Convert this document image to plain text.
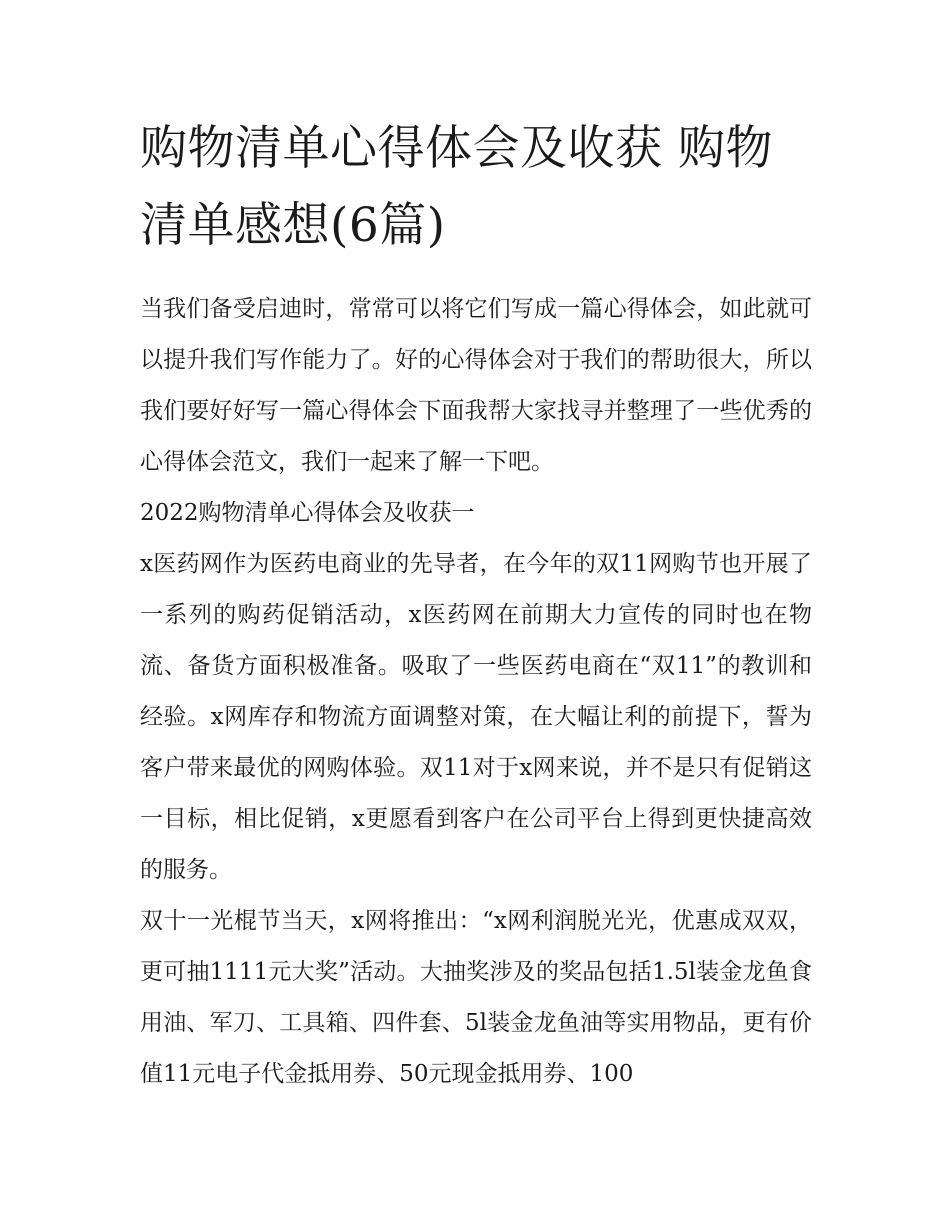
购物清单心得体会及收获 购物清单感想(6篇)

当我们备受启迪时，常常可以将它们写成一篇心得体会，如此就可以提升我们写作能力了。好的心得体会对于我们的帮助很大，所以我们要好好写一篇心得体会下面我帮大家找寻并整理了一些优秀的心得体会范文，我们一起来了解一下吧。

2022购物清单心得体会及收获一

x医药网作为医药电商业的先导者，在今年的双11网购节也开展了一系列的购药促销活动，x医药网在前期大力宣传的同时也在物流、备货方面积极准备。吸取了一些医药电商在“双11”的教训和经验。x网库存和物流方面调整对策，在大幅让利的前提下，誓为客户带来最优的网购体验。双11对于x网来说，并不是只有促销这一目标，相比促销，x更愿看到客户在公司平台上得到更快捷高效的服务。

双十一光棍节当天，x网将推出：“x网利润脱光光，优惠成双双，更可抽1111元大奖”活动。大抽奖涉及的奖品包括1.5l装金龙鱼食用油、军刀、工具箱、四件套、5l装金龙鱼油等实用物品，更有价值11元电子代金抵用券、50元现金抵用券、100
